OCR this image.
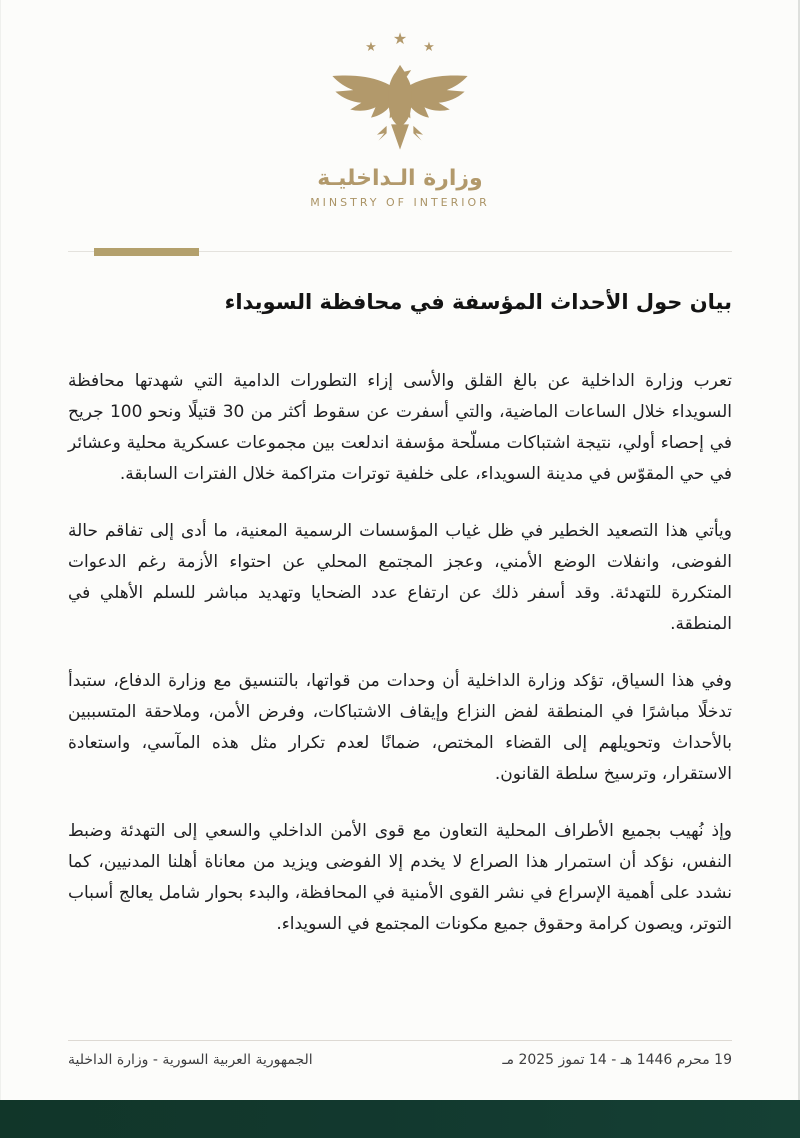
★
★
★
وزارة الـداخليـة
MINSTRY OF INTERIOR
بيان حول الأحداث المؤسفة في محافظة السويداء

تعرب وزارة الداخلية عن بالغ القلق والأسى إزاء التطورات الدامية التي شهدتها محافظة السويداء خلال الساعات الماضية، والتي أسفرت عن سقوط أكثر من 30 قتيلًا ونحو 100 جريح في إحصاء أولي، نتيجة اشتباكات مسلّحة مؤسفة اندلعت بين مجموعات عسكرية محلية وعشائر في حي المقوّس في مدينة السويداء، على خلفية توترات متراكمة خلال الفترات السابقة.

ويأتي هذا التصعيد الخطير في ظل غياب المؤسسات الرسمية المعنية، ما أدى إلى تفاقم حالة الفوضى، وانفلات الوضع الأمني، وعجز المجتمع المحلي عن احتواء الأزمة رغم الدعوات المتكررة للتهدئة. وقد أسفر ذلك عن ارتفاع عدد الضحايا وتهديد مباشر للسلم الأهلي في المنطقة.

وفي هذا السياق، تؤكد وزارة الداخلية أن وحدات من قواتها، بالتنسيق مع وزارة الدفاع، ستبدأ تدخلًا مباشرًا في المنطقة لفض النزاع وإيقاف الاشتباكات، وفرض الأمن، وملاحقة المتسببين بالأحداث وتحويلهم إلى القضاء المختص، ضمانًا لعدم تكرار مثل هذه المآسي، واستعادة الاستقرار، وترسيخ سلطة القانون.

وإذ نُهيب بجميع الأطراف المحلية التعاون مع قوى الأمن الداخلي والسعي إلى التهدئة وضبط النفس، نؤكد أن استمرار هذا الصراع لا يخدم إلا الفوضى ويزيد من معاناة أهلنا المدنيين، كما نشدد على أهمية الإسراع في نشر القوى الأمنية في المحافظة، والبدء بحوار شامل يعالج أسباب التوتر، ويصون كرامة وحقوق جميع مكونات المجتمع في السويداء.

19 محرم 1446 هـ - 14 تموز 2025 مـ
الجمهورية العربية السورية - وزارة الداخلية
